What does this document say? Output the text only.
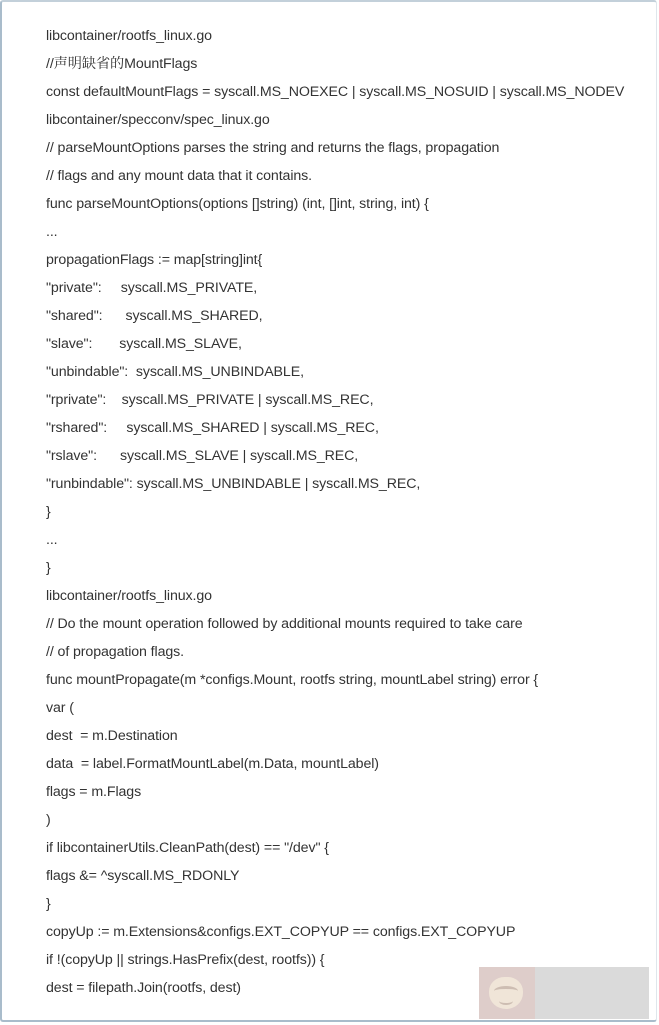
libcontainer/rootfs_linux.go
//声明缺省的MountFlags
const defaultMountFlags = syscall.MS_NOEXEC | syscall.MS_NOSUID | syscall.MS_NODEV
libcontainer/specconv/spec_linux.go
// parseMountOptions parses the string and returns the flags, propagation
// flags and any mount data that it contains.
func parseMountOptions(options []string) (int, []int, string, int) {
...
propagationFlags := map[string]int{
"private":     syscall.MS_PRIVATE,
"shared":      syscall.MS_SHARED,
"slave":       syscall.MS_SLAVE,
"unbindable":  syscall.MS_UNBINDABLE,
"rprivate":    syscall.MS_PRIVATE | syscall.MS_REC,
"rshared":     syscall.MS_SHARED | syscall.MS_REC,
"rslave":      syscall.MS_SLAVE | syscall.MS_REC,
"runbindable": syscall.MS_UNBINDABLE | syscall.MS_REC,
}
...
}
libcontainer/rootfs_linux.go
// Do the mount operation followed by additional mounts required to take care
// of propagation flags.
func mountPropagate(m *configs.Mount, rootfs string, mountLabel string) error {
var (
dest  = m.Destination
data  = label.FormatMountLabel(m.Data, mountLabel)
flags = m.Flags
)
if libcontainerUtils.CleanPath(dest) == "/dev" {
flags &= ^syscall.MS_RDONLY
}
copyUp := m.Extensions&configs.EXT_COPYUP == configs.EXT_COPYUP
if !(copyUp || strings.HasPrefix(dest, rootfs)) {
dest = filepath.Join(rootfs, dest)
